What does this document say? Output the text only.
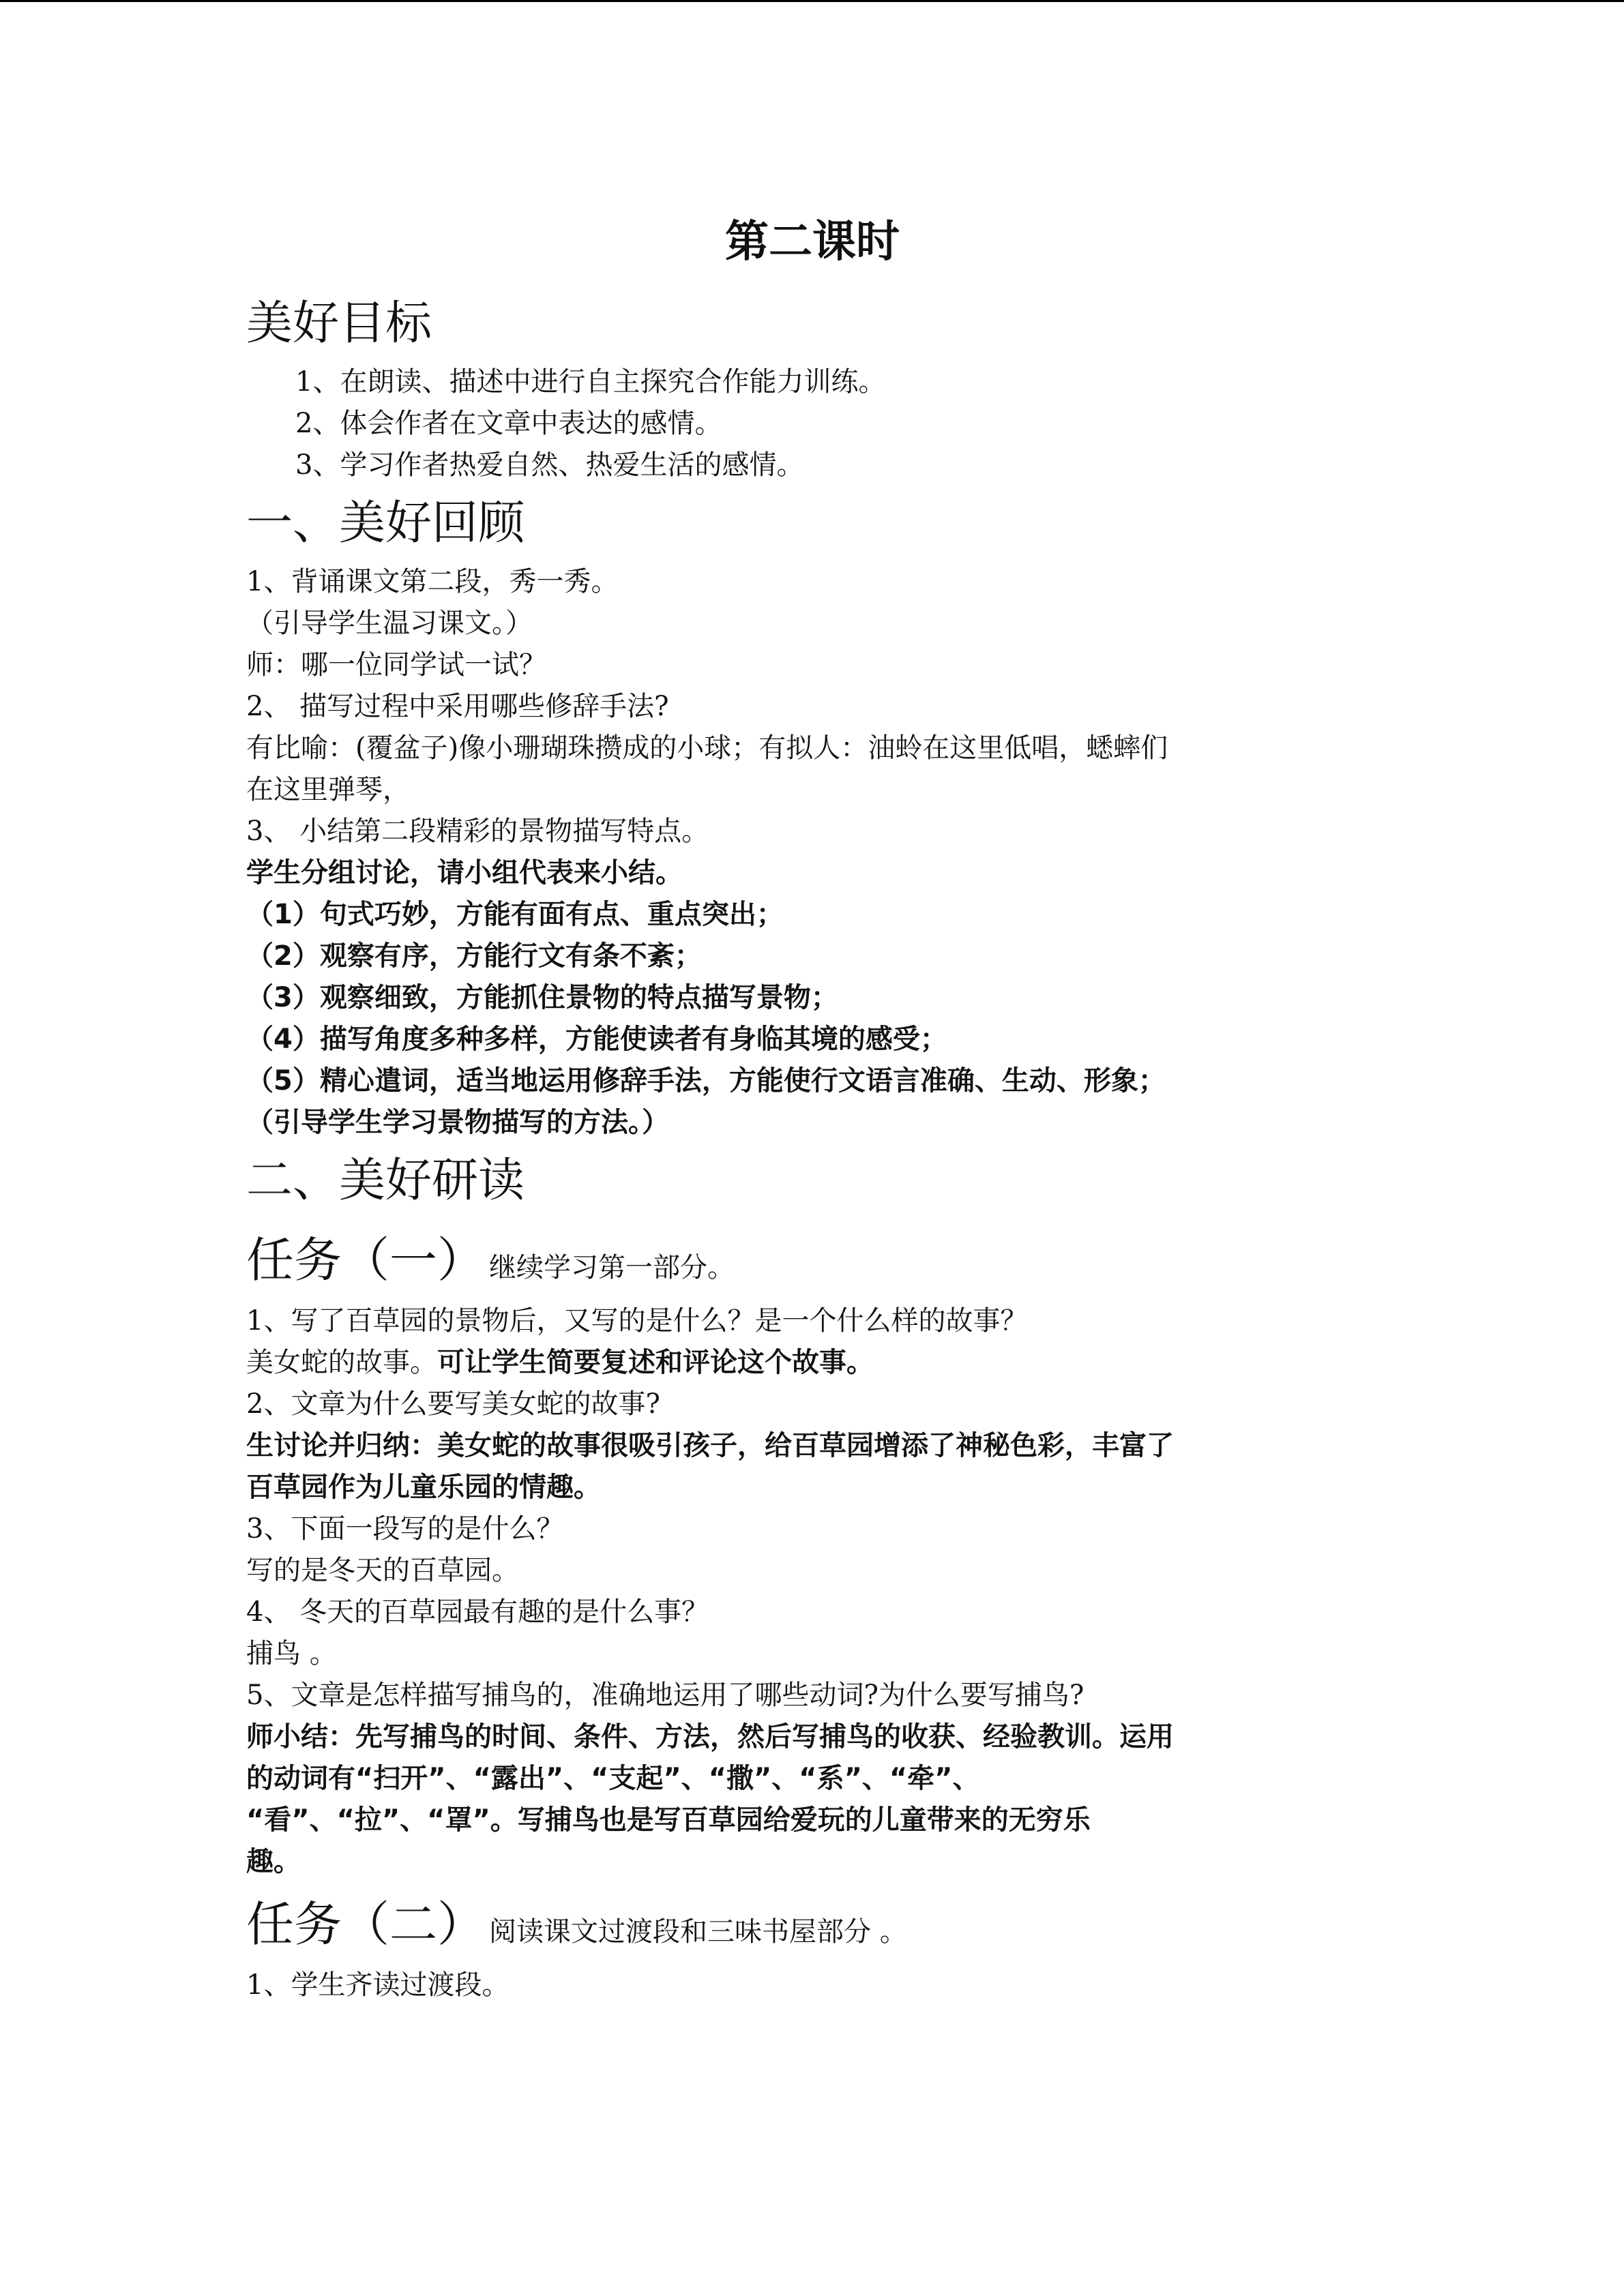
第二课时
美好目标

1、在朗读、描述中进行自主探究合作能力训练。

2、体会作者在文章中表达的感情。

3、学习作者热爱自然、热爱生活的感情。

一、美好回顾

1、背诵课文第二段，秀一秀。

（引导学生温习课文。）

师：哪一位同学试一试？

2、 描写过程中采用哪些修辞手法?

有比喻：(覆盆子)像小珊瑚珠攒成的小球；有拟人：油蛉在这里低唱，蟋蟀们

在这里弹琴，

3、 小结第二段精彩的景物描写特点。

学生分组讨论，请小组代表来小结。

（1）句式巧妙，方能有面有点、重点突出；

（2）观察有序，方能行文有条不紊；

（3）观察细致，方能抓住景物的特点描写景物；

（4）描写角度多种多样，方能使读者有身临其境的感受；

（5）精心遣词，适当地运用修辞手法，方能使行文语言准确、生动、形象；

（引导学生学习景物描写的方法。）

二、美好研读
任务（一） 继续学习第一部分。

1、写了百草园的景物后，又写的是什么？是一个什么样的故事？

美女蛇的故事。可让学生简要复述和评论这个故事。

2、文章为什么要写美女蛇的故事?

生讨论并归纳：美女蛇的故事很吸引孩子，给百草园增添了神秘色彩，丰富了

百草园作为儿童乐园的情趣。

3、下面一段写的是什么？

写的是冬天的百草园。

4、 冬天的百草园最有趣的是什么事？

捕鸟 。

5、文章是怎样描写捕鸟的，准确地运用了哪些动词?为什么要写捕鸟?

师小结：先写捕鸟的时间、条件、方法，然后写捕鸟的收获、经验教训。运用

的动词有“扫开”、“露出”、“支起”、“撒”、“系”、“牵”、

“看”、“拉”、“罩”。写捕鸟也是写百草园给爱玩的儿童带来的无穷乐

趣。

任务（二） 阅读课文过渡段和三味书屋部分 。

1、学生齐读过渡段。
